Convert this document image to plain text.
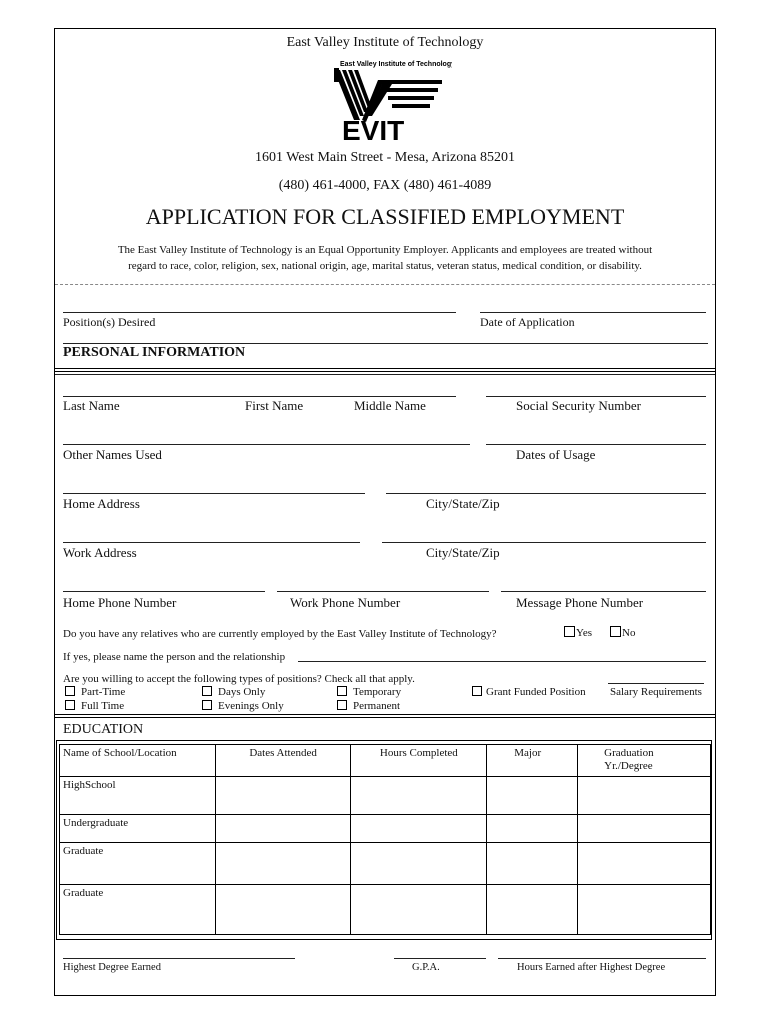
East Valley Institute of Technology
East Valley Institute of Technology
EVIT
1601 West Main Street - Mesa, Arizona 85201
(480) 461-4000, FAX (480) 461-4089
APPLICATION FOR CLASSIFIED EMPLOYMENT
The East Valley Institute of Technology is an Equal Opportunity Employer. Applicants and employees are treated without
regard to race, color, religion, sex, national origin, age, marital status, veteran status, medical condition, or disability.
Position(s) Desired	Date of Application
PERSONAL INFORMATION
Last Name	First Name	Middle Name	Social Security Number
Other Names Used	Dates of Usage
Home Address	City/State/Zip
Work Address	City/State/Zip
Home Phone Number	Work Phone Number	Message Phone Number
Do you have any relatives who are currently employed by the East Valley Institute of Technology?	Yes	No
If yes, please name the person and the relationship
Are you willing to accept the following types of positions? Check all that apply.
Part-Time
Full Time
Days Only
Evenings Only
Temporary
Permanent
Grant Funded Position Salary Requirements
EDUCATION
Name of School/Location	Dates Attended	Hours Completed	Major	Graduation
Yr./Degree
HighSchool				
Undergraduate				
Graduate				
Graduate				
Highest Degree Earned	G.P.A.	Hours Earned after Highest Degree
